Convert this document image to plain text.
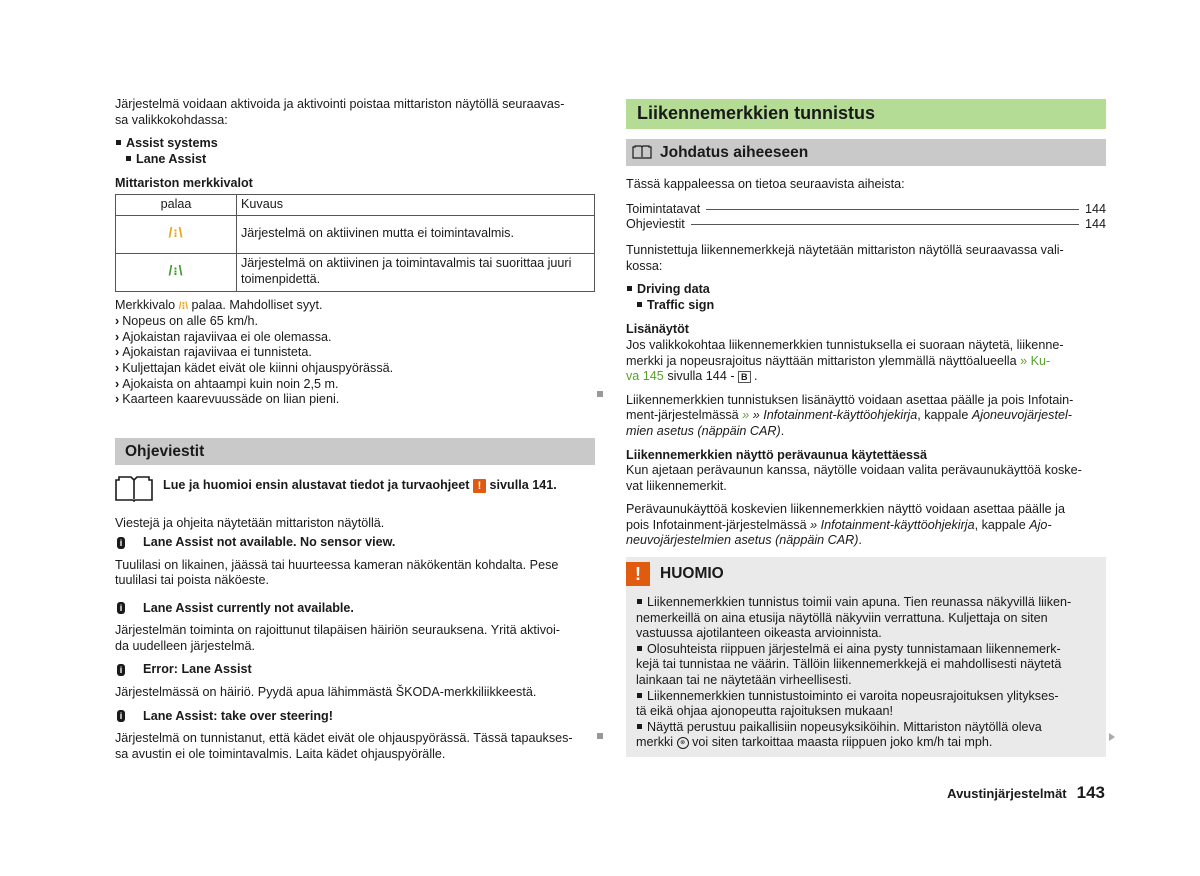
Järjestelmä voidaan aktivoida ja aktivointi poistaa mittariston näytöllä seuraavas-
sa valikkokohdassa:

Assist systems
Lane Assist
Mittariston merkkivalot
palaa	Kuvaus
/⁝\	Järjestelmä on aktiivinen mutta ei toimintavalmis.
/⁝\	Järjestelmä on aktiivinen ja toimintavalmis tai suorittaa juuri toimenpidettä.

Merkkivalo /⁝\ palaa. Mahdolliset syyt.

› Nopeus on alle 65 km/h.
› Ajokaistan rajaviivaa ei ole olemassa.
› Ajokaistan rajaviivaa ei tunnisteta.
› Kuljettajan kädet eivät ole kiinni ohjauspyörässä.
› Ajokaista on ahtaampi kuin noin 2,5 m.
› Kaarteen kaarevuussäde on liian pieni.
Ohjeviestit
Lue ja huomioi ensin alustavat tiedot ja turvaohjeet ! sivulla 141.

Viestejä ja ohjeita näytetään mittariston näytöllä.

i Lane Assist not available. No sensor view.

Tuulilasi on likainen, jäässä tai huurteessa kameran näkökentän kohdalta. Pese
tuulilasi tai poista näköeste.

i Lane Assist currently not available.

Järjestelmän toiminta on rajoittunut tilapäisen häiriön seurauksena. Yritä aktivoi-
da uudelleen järjestelmä.

i Error: Lane Assist

Järjestelmässä on häiriö. Pyydä apua lähimmästä ŠKODA-merkkiliikkeestä.

i Lane Assist: take over steering!

Järjestelmä on tunnistanut, että kädet eivät ole ohjauspyörässä. Tässä tapaukses-
sa avustin ei ole toimintavalmis. Laita kädet ohjauspyörälle.

Liikennemerkkien tunnistus
Johdatus aiheeseen

Tässä kappaleessa on tietoa seuraavista aiheista:

Toimintatavat	144
Ohjeviestit	144

Tunnistettuja liikennemerkkejä näytetään mittariston näytöllä seuraavassa vali-
kossa:

Driving data
Traffic sign
Lisänäytöt

Jos valikkokohtaa liikennemerkkien tunnistuksella ei suoraan näytetä, liikenne-
merkki ja nopeusrajoitus näyttään mittariston ylemmällä näyttöalueella » Ku-
va 145 sivulla 144 - B .

Liikennemerkkien tunnistuksen lisänäyttö voidaan asettaa päälle ja pois Infotain-
ment-järjestelmässä » » Infotainment-käyttöohjekirja, kappale Ajoneuvojärjestel-
mien asetus (näppäin CAR).

Liikennemerkkien näyttö perävaunua käytettäessä

Kun ajetaan perävaunun kanssa, näytölle voidaan valita perävaunukäyttöä koske-
vat liikennemerkit.

Perävaunukäyttöä koskevien liikennemerkkien näyttö voidaan asettaa päälle ja
pois Infotainment-järjestelmässä » Infotainment-käyttöohjekirja, kappale Ajo-
neuvojärjestelmien asetus (näppäin CAR).

!	HUOMIO

Liikennemerkkien tunnistus toimii vain apuna. Tien reunassa näkyvillä liiken-
nemerkeillä on aina etusija näytöllä näkyviin verrattuna. Kuljettaja on siten
vastuussa ajotilanteen oikeasta arvioinnista.

Olosuhteista riippuen järjestelmä ei aina pysty tunnistamaan liikennemerk-
kejä tai tunnistaa ne väärin. Tällöin liikennemerkkejä ei mahdollisesti näytetä
lainkaan tai ne näytetään virheellisesti.

Liikennemerkkien tunnistustoiminto ei varoita nopeusrajoituksen ylitykses-
tä eikä ohjaa ajonopeutta rajoituksen mukaan!

Näyttä perustuu paikallisiin nopeusyksiköihin. Mittariston näytöllä oleva
merkki ⊗ voi siten tarkoittaa maasta riippuen joko km/h tai mph.

Avustinjärjestelmät 143
